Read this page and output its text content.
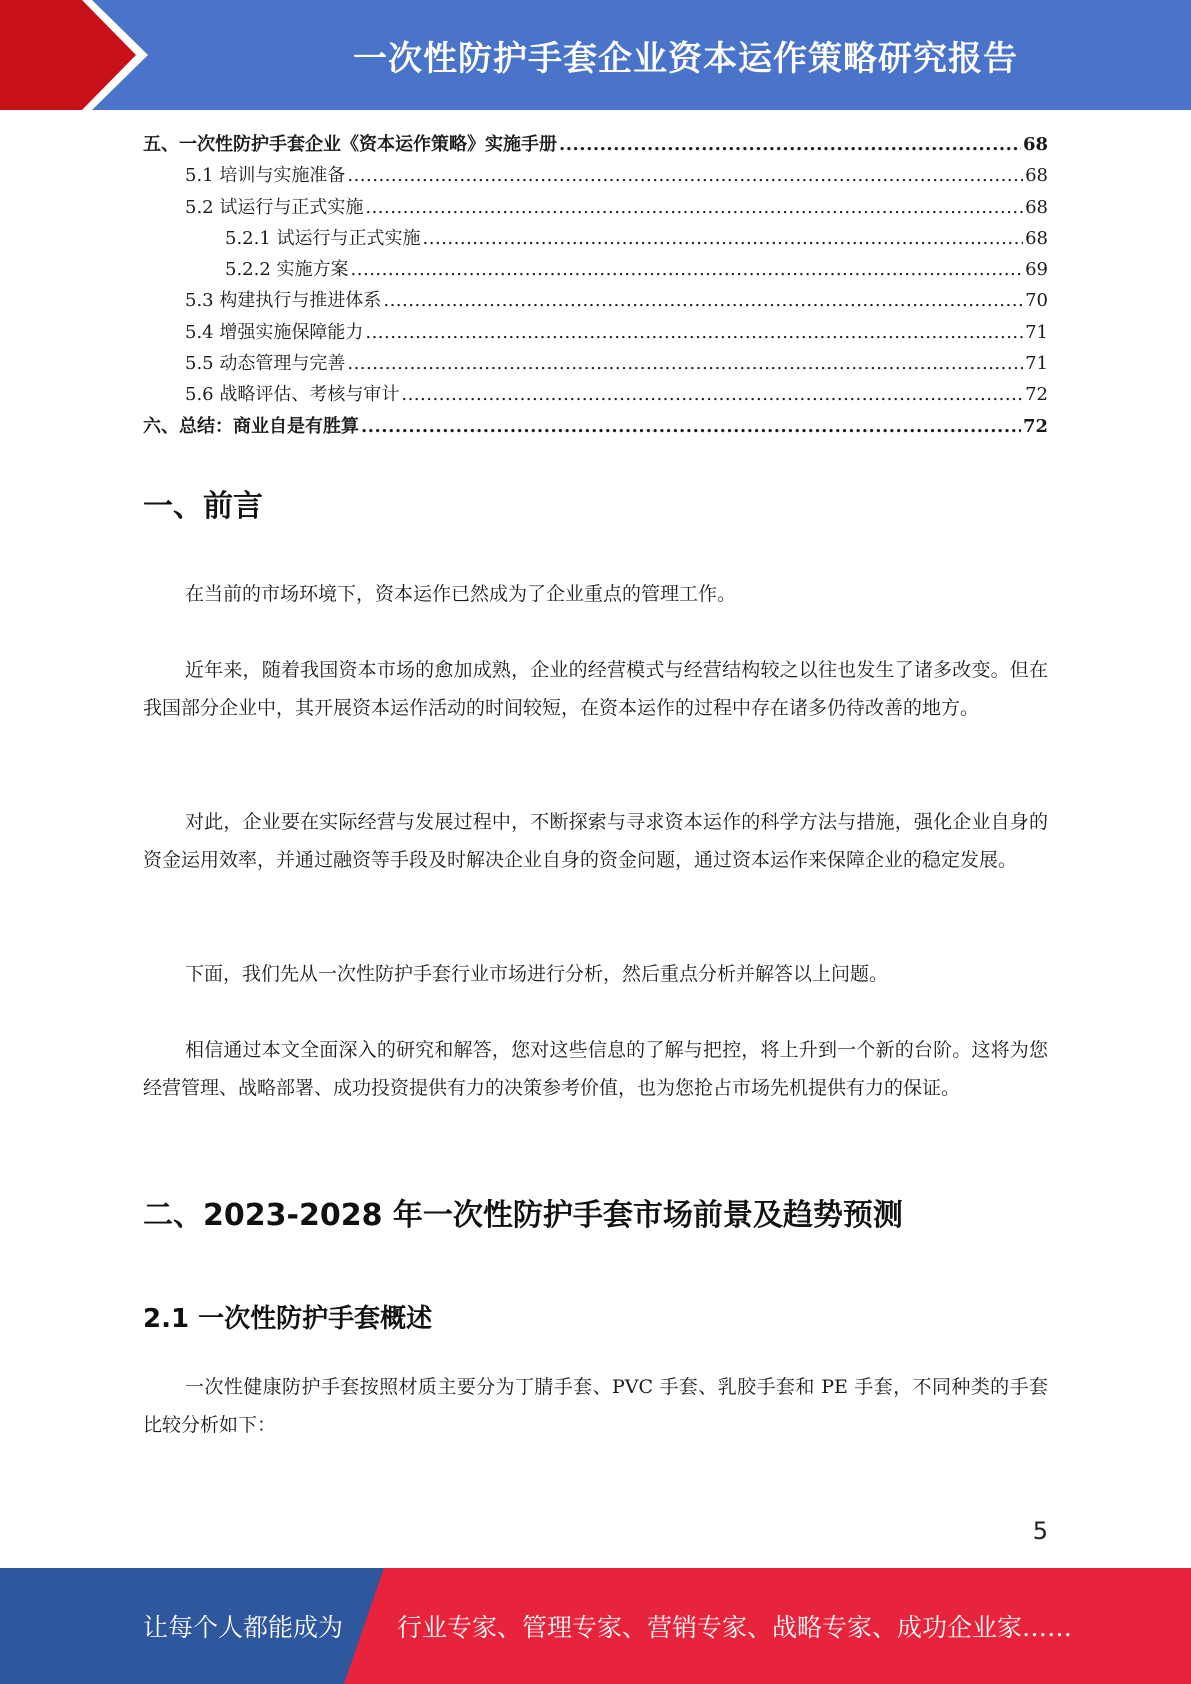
一次性防护手套企业资本运作策略研究报告
五、一次性防护手套企业《资本运作策略》实施手册 .....	68
5.1 培训与实施准备 .....	68
5.2 试运行与正式实施 .....	68
5.2.1 试运行与正式实施 .....	68
5.2.2 实施方案 .....	69
5.3 构建执行与推进体系 .....	70
5.4 增强实施保障能力 .....	71
5.5 动态管理与完善 .....	71
5.6 战略评估、考核与审计 .....	72
六、总结：商业自是有胜算 .....	72
一、前言

在当前的市场环境下，资本运作已然成为了企业重点的管理工作。

近年来，随着我国资本市场的愈加成熟，企业的经营模式与经营结构较之以往也发生了诸多改变。但在我国部分企业中，其开展资本运作活动的时间较短，在资本运作的过程中存在诸多仍待改善的地方。

对此，企业要在实际经营与发展过程中，不断探索与寻求资本运作的科学方法与措施，强化企业自身的资金运用效率，并通过融资等手段及时解决企业自身的资金问题，通过资本运作来保障企业的稳定发展。

下面，我们先从一次性防护手套行业市场进行分析，然后重点分析并解答以上问题。

相信通过本文全面深入的研究和解答，您对这些信息的了解与把控，将上升到一个新的台阶。这将为您经营管理、战略部署、成功投资提供有力的决策参考价值，也为您抢占市场先机提供有力的保证。

二、2023-2028 年一次性防护手套市场前景及趋势预测
2.1 一次性防护手套概述

一次性健康防护手套按照材质主要分为丁腈手套、PVC 手套、乳胶手套和 PE 手套，不同种类的手套比较分析如下：

5
让每个人都能成为 行业专家、管理专家、营销专家、战略专家、成功企业家……
